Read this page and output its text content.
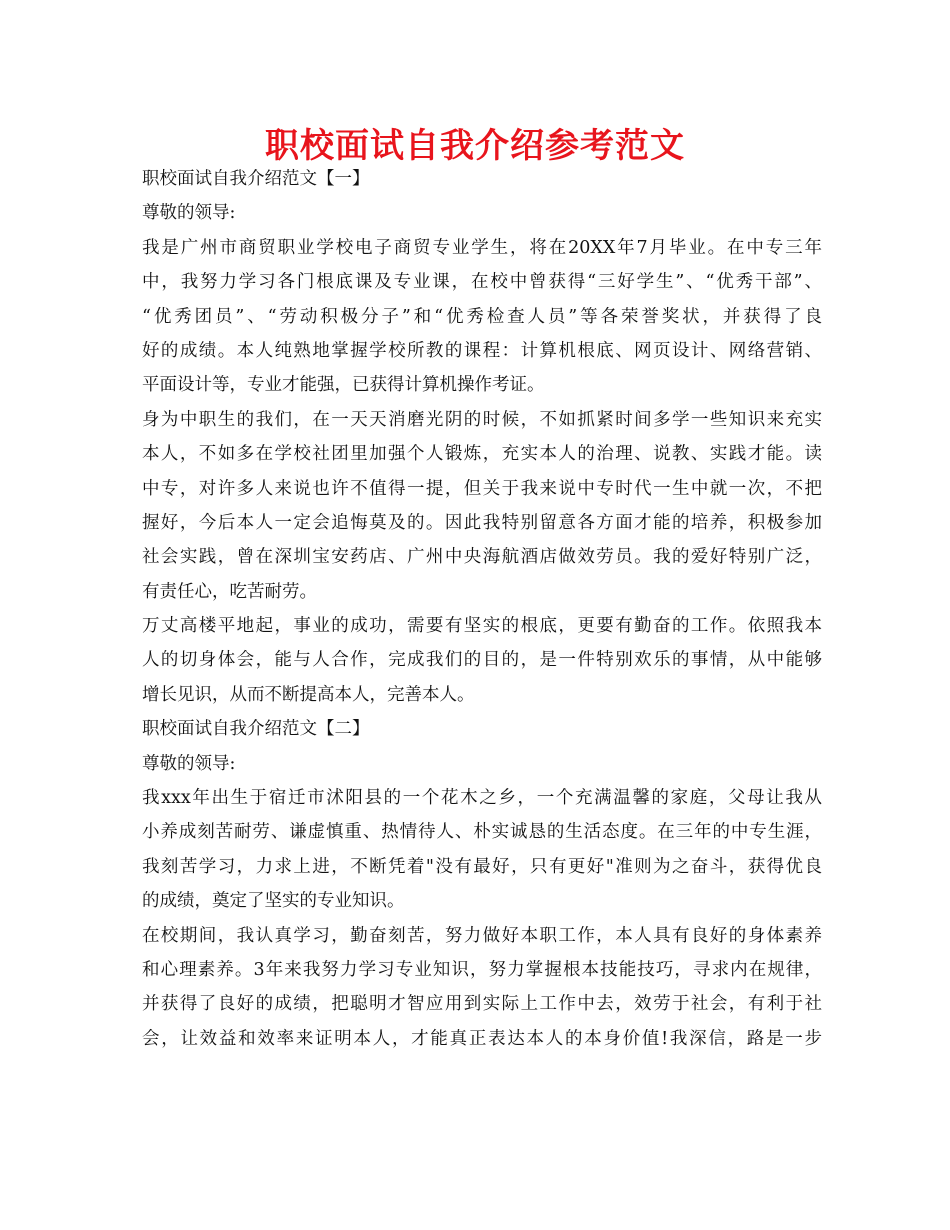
职校面试自我介绍参考范文
职校面试自我介绍范文【一】
尊敬的领导:
我是广州市商贸职业学校电子商贸专业学生，将在20XX年7月毕业。在中专三年
中，我努力学习各门根底课及专业课，在校中曾获得“三好学生”、“优秀干部”、
“优秀团员”、“劳动积极分子”和“优秀检查人员”等各荣誉奖状，并获得了良
好的成绩。本人纯熟地掌握学校所教的课程：计算机根底、网页设计、网络营销、
平面设计等，专业才能强，已获得计算机操作考证。
身为中职生的我们，在一天天消磨光阴的时候，不如抓紧时间多学一些知识来充实
本人，不如多在学校社团里加强个人锻炼，充实本人的治理、说教、实践才能。读
中专，对许多人来说也许不值得一提，但关于我来说中专时代一生中就一次，不把
握好，今后本人一定会追悔莫及的。因此我特别留意各方面才能的培养，积极参加
社会实践，曾在深圳宝安药店、广州中央海航酒店做效劳员。我的爱好特别广泛，
有责任心，吃苦耐劳。
万丈高楼平地起，事业的成功，需要有坚实的根底，更要有勤奋的工作。依照我本
人的切身体会，能与人合作，完成我们的目的，是一件特别欢乐的事情，从中能够
增长见识，从而不断提高本人，完善本人。
职校面试自我介绍范文【二】
尊敬的领导:
我xxx年出生于宿迁市沭阳县的一个花木之乡，一个充满温馨的家庭，父母让我从
小养成刻苦耐劳、谦虚慎重、热情待人、朴实诚恳的生活态度。在三年的中专生涯，
我刻苦学习，力求上进，不断凭着"没有最好，只有更好"准则为之奋斗，获得优良
的成绩，奠定了坚实的专业知识。
在校期间，我认真学习，勤奋刻苦，努力做好本职工作，本人具有良好的身体素养
和心理素养。3年来我努力学习专业知识，努力掌握根本技能技巧，寻求内在规律，
并获得了良好的成绩，把聪明才智应用到实际上工作中去，效劳于社会，有利于社
会，让效益和效率来证明本人，才能真正表达本人的本身价值!我深信，路是一步
